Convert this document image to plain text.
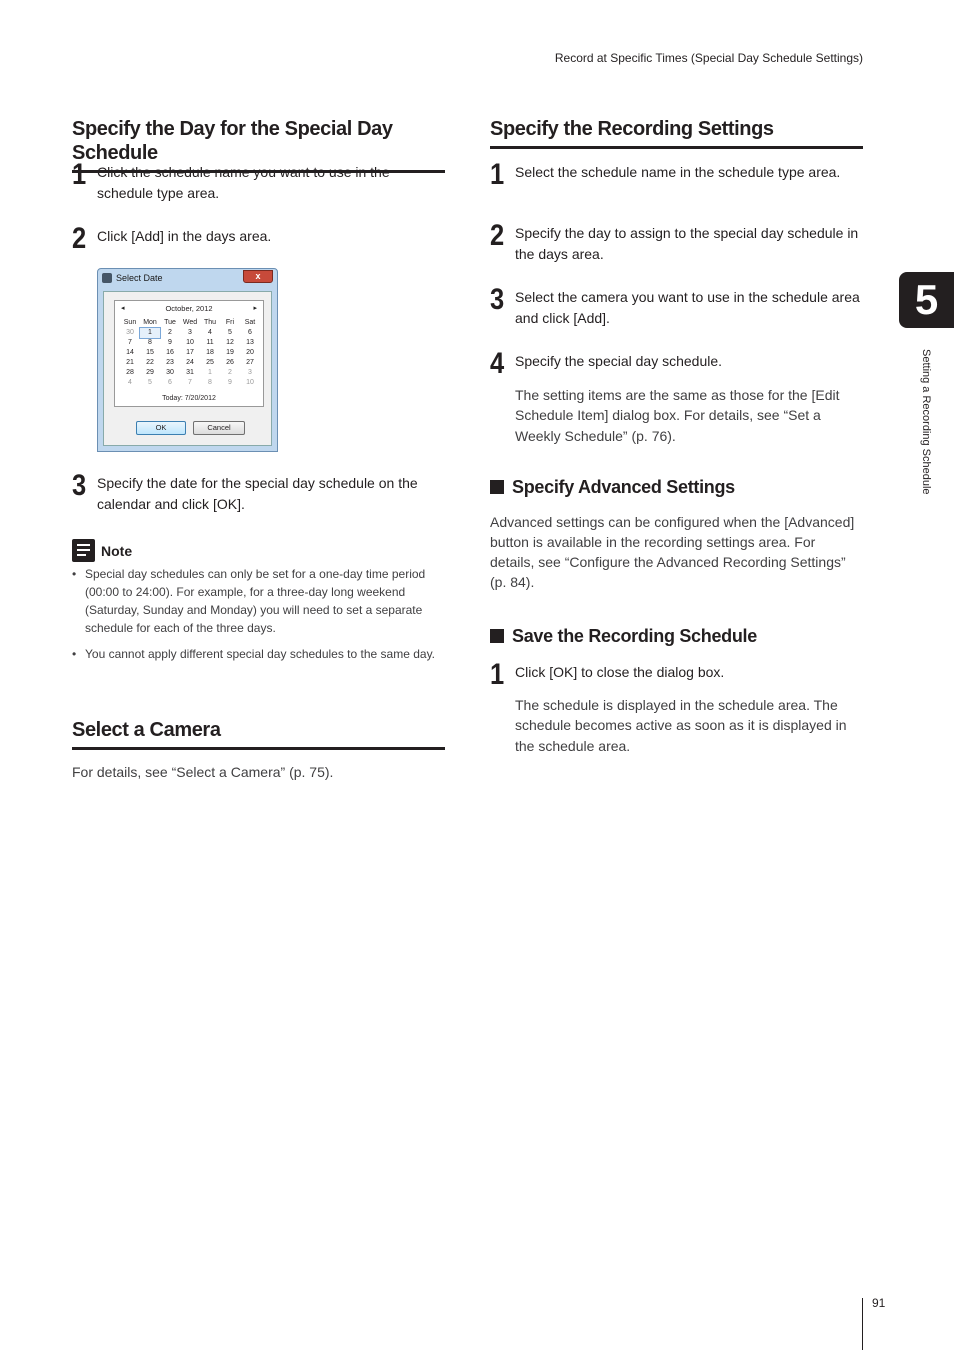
Record at Specific Times (Special Day Schedule Settings)
Specify the Day for the Special Day Schedule
1 Click the schedule name you want to use in the schedule type area.
2 Click [Add] in the days area.
Select Date	x
◂	October, 2012	▸
Sun Mon	Tue Wed Thu	Fri	Sat
30	1	2	3	4	5	6
7	8	9	10	11	12	13
14	15	16	17	18	19	20
21	22	23	24	25	26	27
28	29	30	31	1	2	3
4	5	6	7	8	9	10
Today: 7/20/2012
OK	Cancel
3 Specify the date for the special day schedule on the calendar and click [OK].
Note
• Special day schedules can only be set for a one-day time period (00:00 to 24:00). For example, for a three-day long weekend (Saturday, Sunday and Monday) you will need to set a separate schedule for each of the three days.
• You cannot apply different special day schedules to the same day.
Select a Camera
For details, see “Select a Camera” (p. 75).
Specify the Recording Settings
1 Select the schedule name in the schedule type area.
2 Specify the day to assign to the special day schedule in the days area.
3 Select the camera you want to use in the schedule area and click [Add].
4 Specify the special day schedule.
The setting items are the same as those for the [Edit Schedule Item] dialog box. For details, see “Set a Weekly Schedule” (p. 76).
Specify Advanced Settings
Advanced settings can be configured when the [Advanced] button is available in the recording settings area. For details, see “Configure the Advanced Recording Settings” (p. 84).
Save the Recording Schedule
1 Click [OK] to close the dialog box.
The schedule is displayed in the schedule area. The schedule becomes active as soon as it is displayed in the schedule area.
5
Setting a Recording Schedule
91
